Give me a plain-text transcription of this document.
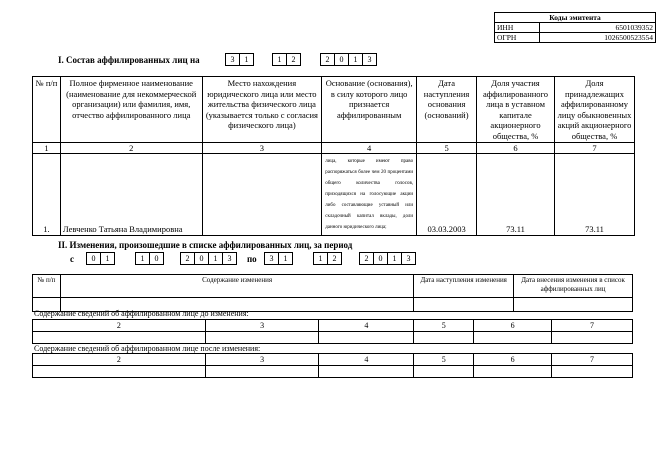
Коды эмитента	
ИНН	6501039352
ОГРН	1026500523554
I. Состав аффилированных лиц на	3	1	1	2	2	0	1	3
№ п/п	Полное фирменное наименование (наименование для некоммерческой организации) или фамилия, имя, отчество аффилированного лица	Место нахождения юридического лица или место жительства физического лица (указывается только с согласия физического лица)	Основание (основания), в силу которого лицо признается аффилированным	Дата наступления основания (оснований)	Доля участия аффилированного лица в уставном капитале акционерного общества, %	Доля принадлежащих аффилированному лицу обыкновенных акций акционерного общества, %
1	2	3	4	5	6	7
1.	Левченко Татьяна Владимировна		лица, которые имеют право распоряжаться более чем 20 процентами общего количества голосов, приходящихся на голосующие акции либо составляющие уставный или складочный капитал вклады, доли данного юридического лица;	03.03.2003	73.11	73.11
II. Изменения, произошедшие в списке аффилированных лиц, за период
с	0	1	1	0	2	0	1	3	по	3	1	1	2	2	0	1	3
№ п/п	Содержание изменения	Дата наступления изменения	Дата внесения изменения в список аффилированных лиц

Содержание сведений об аффилированном лице до изменения:
2	3	4	5	6	7

Содержание сведений об аффилированном лице после изменения:
2	3	4	5	6	7
